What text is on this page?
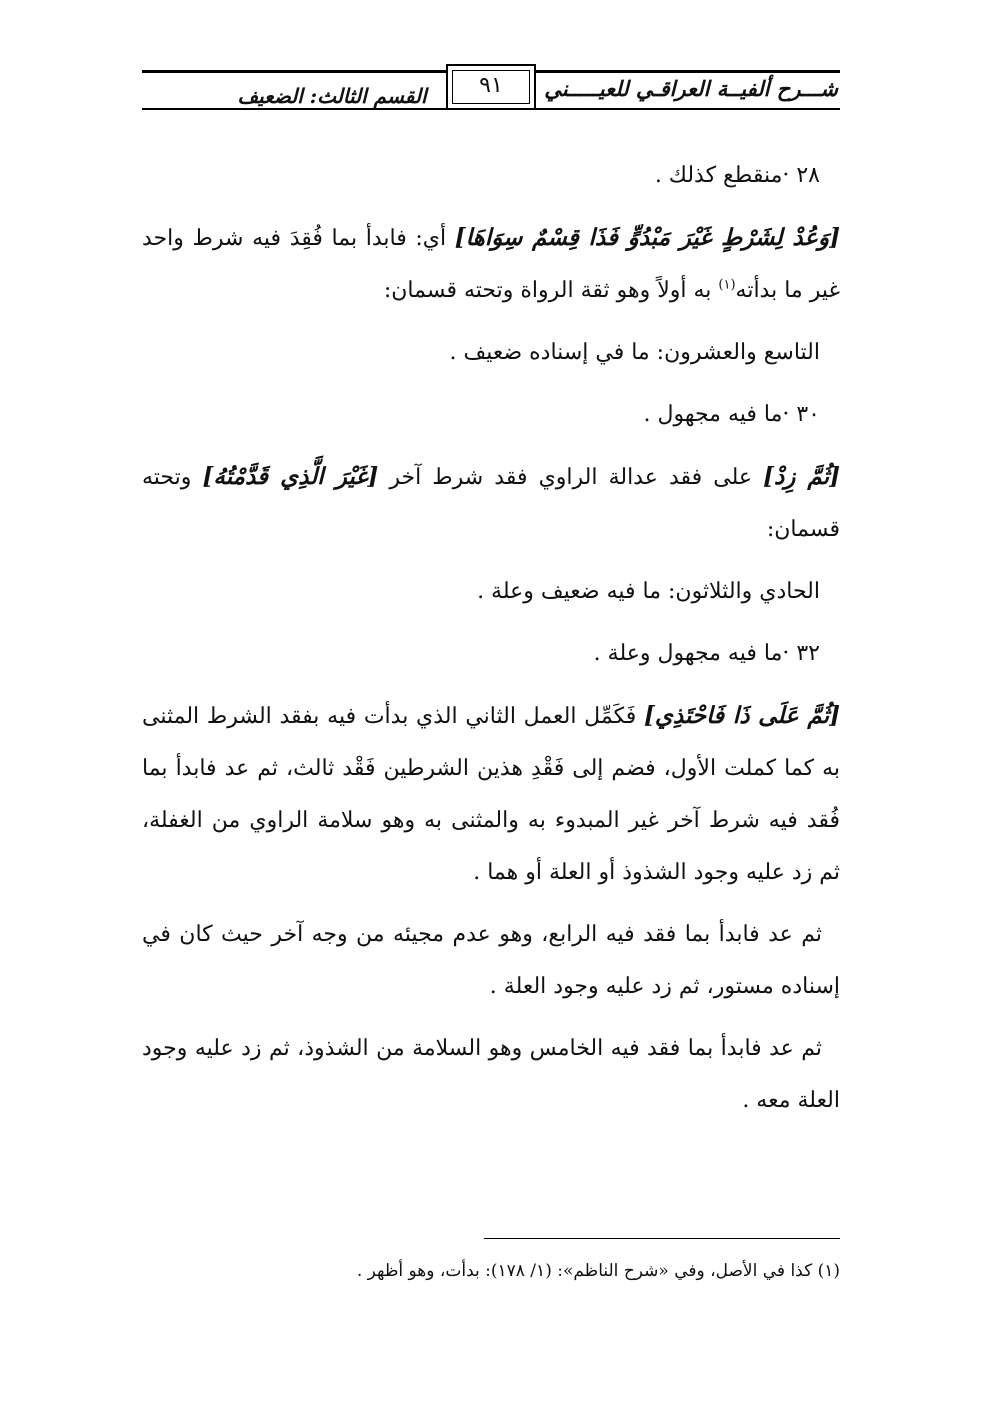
شـــرح ألفيــة العراقـي للعيـــــني
٩١
القسم الثالث: الضعيف

٢٨ ·منقطع كذلك .

[وَعُدْ لِشَرْطٍ غَيْرَ مَبْدُوٍّ فَذَا قِسْمٌ سِوَاهَا] أي: فابدأ بما فُقِدَ فيه شرط واحد غير ما بدأته$^{(١)}$ به أولاً وهو ثقة الرواة وتحته قسمان:

التاسع والعشرون: ما في إسناده ضعيف .

٣٠ ·ما فيه مجهول .

[ثُمَّ زِدْ] على فقد عدالة الراوي فقد شرط آخر [غَيْرَ الَّذِي قَدَّمْتُهُ] وتحته قسمان:

الحادي والثلاثون: ما فيه ضعيف وعلة .

٣٢ ·ما فيه مجهول وعلة .

[ثُمَّ عَلَى ذَا فَاحْتَذِي] فَكَمِّل العمل الثاني الذي بدأت فيه بفقد الشرط المثنى به كما كملت الأول، فضم إلى فَقْدِ هذين الشرطين فَقْد ثالث، ثم عد فابدأ بما فُقد فيه شرط آخر غير المبدوء به والمثنى به وهو سلامة الراوي من الغفلة، ثم زد عليه وجود الشذوذ أو العلة أو هما .

ثم عد فابدأ بما فقد فيه الرابع، وهو عدم مجيئه من وجه آخر حيث كان في إسناده مستور، ثم زد عليه وجود العلة .

ثم عد فابدأ بما فقد فيه الخامس وهو السلامة من الشذوذ، ثم زد عليه وجود العلة معه .

(١) كذا في الأصل، وفي «شرح الناظم»: (١/ ١٧٨): بدأت، وهو أظهر .
